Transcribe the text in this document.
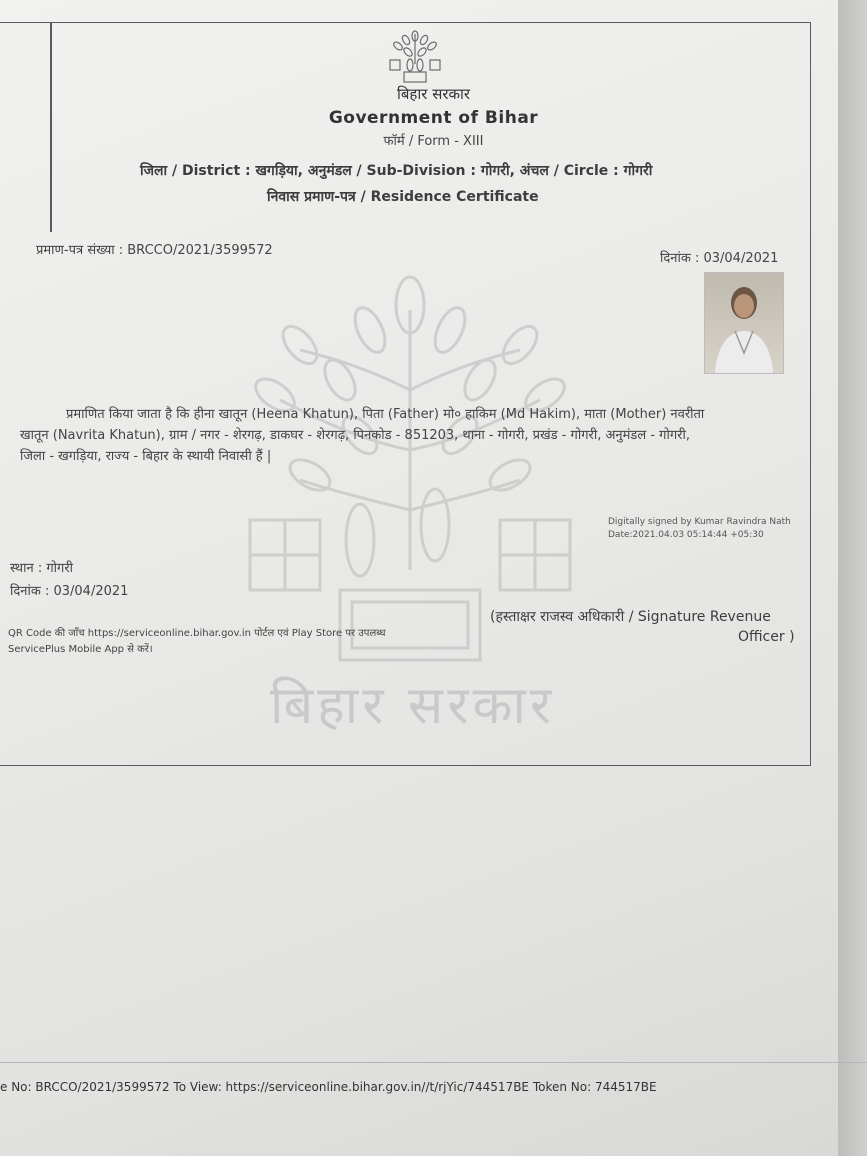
बिहार सरकार
बिहार सरकार
Government of Bihar
फॉर्म / Form - XIII
जिला / District : खगड़िया, अनुमंडल / Sub-Division : गोगरी, अंचल / Circle : गोगरी
निवास प्रमाण-पत्र / Residence Certificate
प्रमाण-पत्र संख्या : BRCCO/2021/3599572
दिनांक : 03/04/2021

प्रमाणित किया जाता है कि हीना खातून (Heena Khatun), पिता (Father) मो० हाकिम (Md Hakim), माता (Mother) नवरीता

खातून (Navrita Khatun), ग्राम / नगर - शेरगढ़, डाकघर - शेरगढ़, पिनकोड - 851203, थाना - गोगरी, प्रखंड - गोगरी, अनुमंडल - गोगरी,

जिला - खगड़िया, राज्य - बिहार के स्थायी निवासी हैं |

Digitally signed by Kumar Ravindra Nath
Date:2021.04.03 05:14:44 +05:30
स्थान : गोगरी
दिनांक : 03/04/2021
(हस्ताक्षर राजस्व अधिकारी / Signature Revenue
Officer )
QR Code की जाँच https://serviceonline.bihar.gov.in पोर्टल एवं Play Store पर उपलब्ध
ServicePlus Mobile App से करें।
e No: BRCCO/2021/3599572 To View: https://serviceonline.bihar.gov.in//t/rjYic/744517BE Token No: 744517BE
